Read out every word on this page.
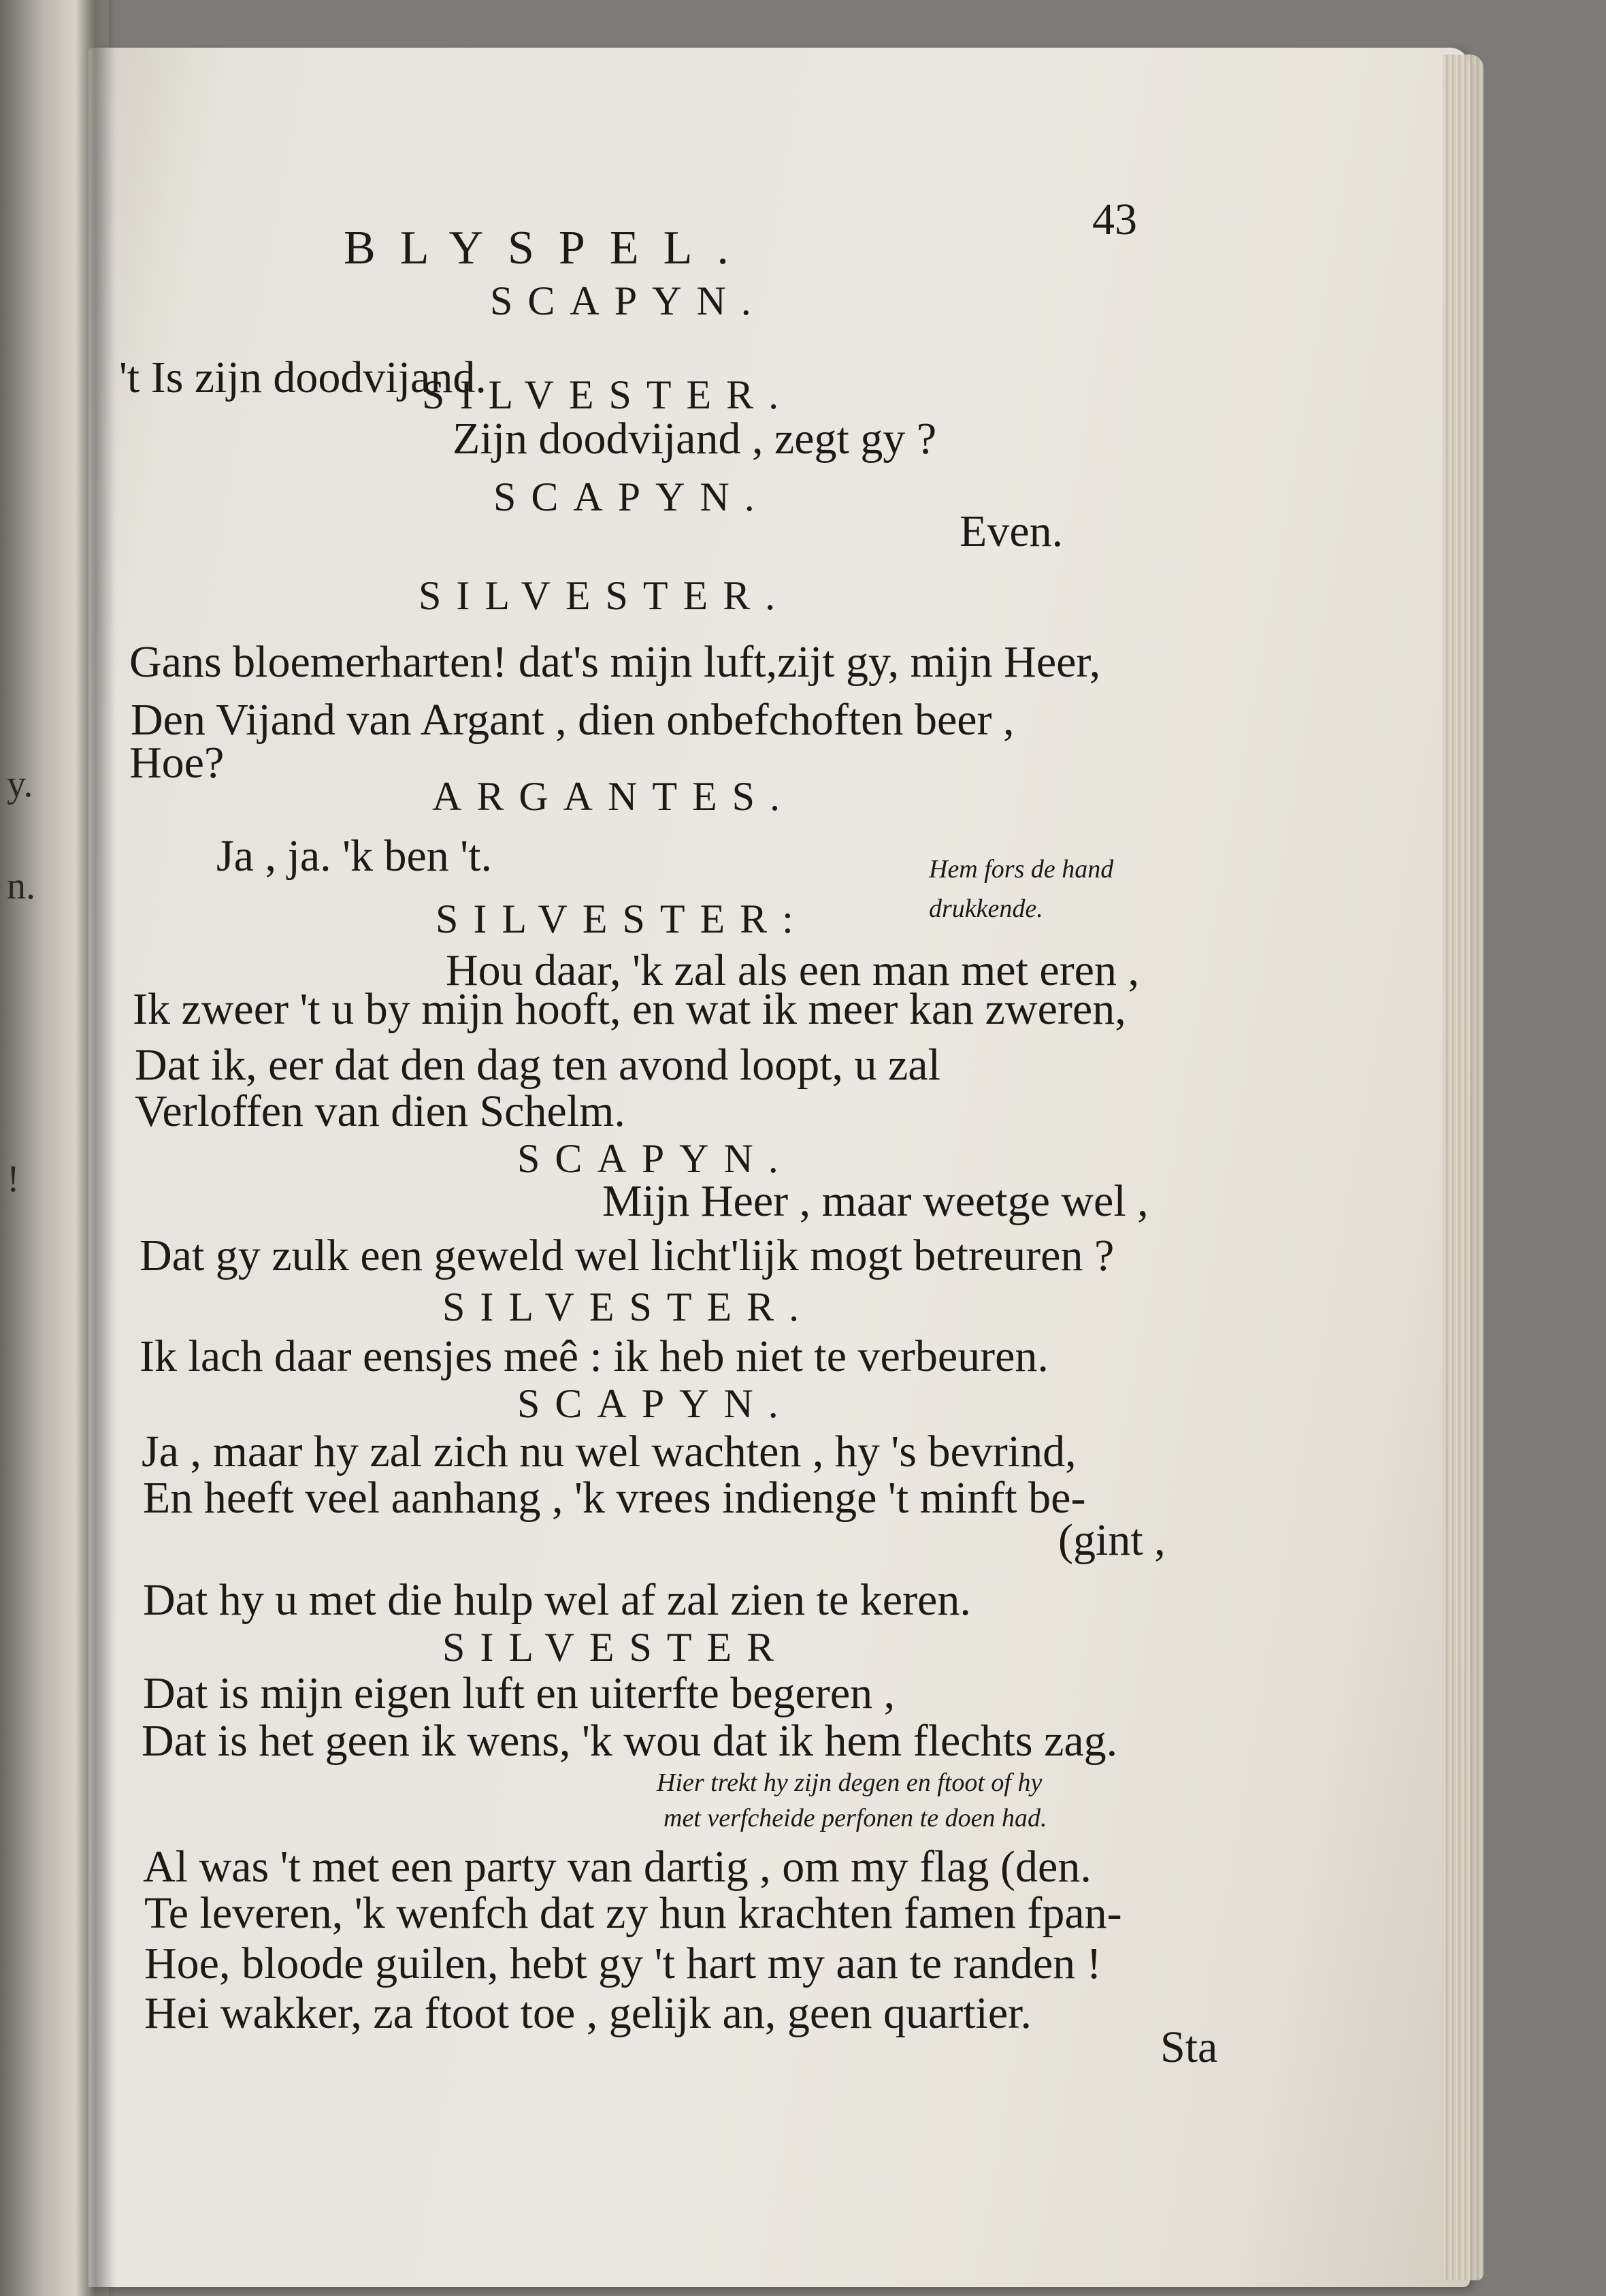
y.
n.
!
BLYSPEL.
43
SCAPYN.
't Is zijn doodvijand.
SILVESTER.
Zijn doodvijand , zegt gy ?
SCAPYN.
Even.
SILVESTER.
Gans bloemerharten! dat's mijn luft,zijt gy, mijn Heer,
Den Vijand van Argant , dien onbefchoften beer ,
Hoe?
ARGANTES.
Ja , ja. 'k ben 't.	Hem fors de hand
SILVESTER:	drukkende.
Hou daar, 'k zal als een man met eren ,
Ik zweer 't u by mijn hooft, en wat ik meer kan zweren,
Dat ik, eer dat den dag ten avond loopt, u zal
Verloffen van dien Schelm.
SCAPYN.
Mijn Heer , maar weetge wel ,
Dat gy zulk een geweld wel licht'lijk mogt betreuren ?
SILVESTER.
Ik lach daar eensjes meê : ik heb niet te verbeuren.
SCAPYN.
Ja , maar hy zal zich nu wel wachten , hy 's bevrind,
En heeft veel aanhang , 'k vrees indienge 't minft be-
(gint ,
Dat hy u met die hulp wel af zal zien te keren.
SILVESTER
Dat is mijn eigen luft en uiterfte begeren ,
Dat is het geen ik wens, 'k wou dat ik hem flechts zag.
Hier trekt hy zijn degen en ftoot of hy
met verfcheide perfonen te doen had.
Al was 't met een party van dartig , om my flag (den.
Te leveren, 'k wenfch dat zy hun krachten famen fpan-
Hoe, bloode guilen, hebt gy 't hart my aan te randen !
Hei wakker, za ftoot toe , gelijk an, geen quartier.
Sta
